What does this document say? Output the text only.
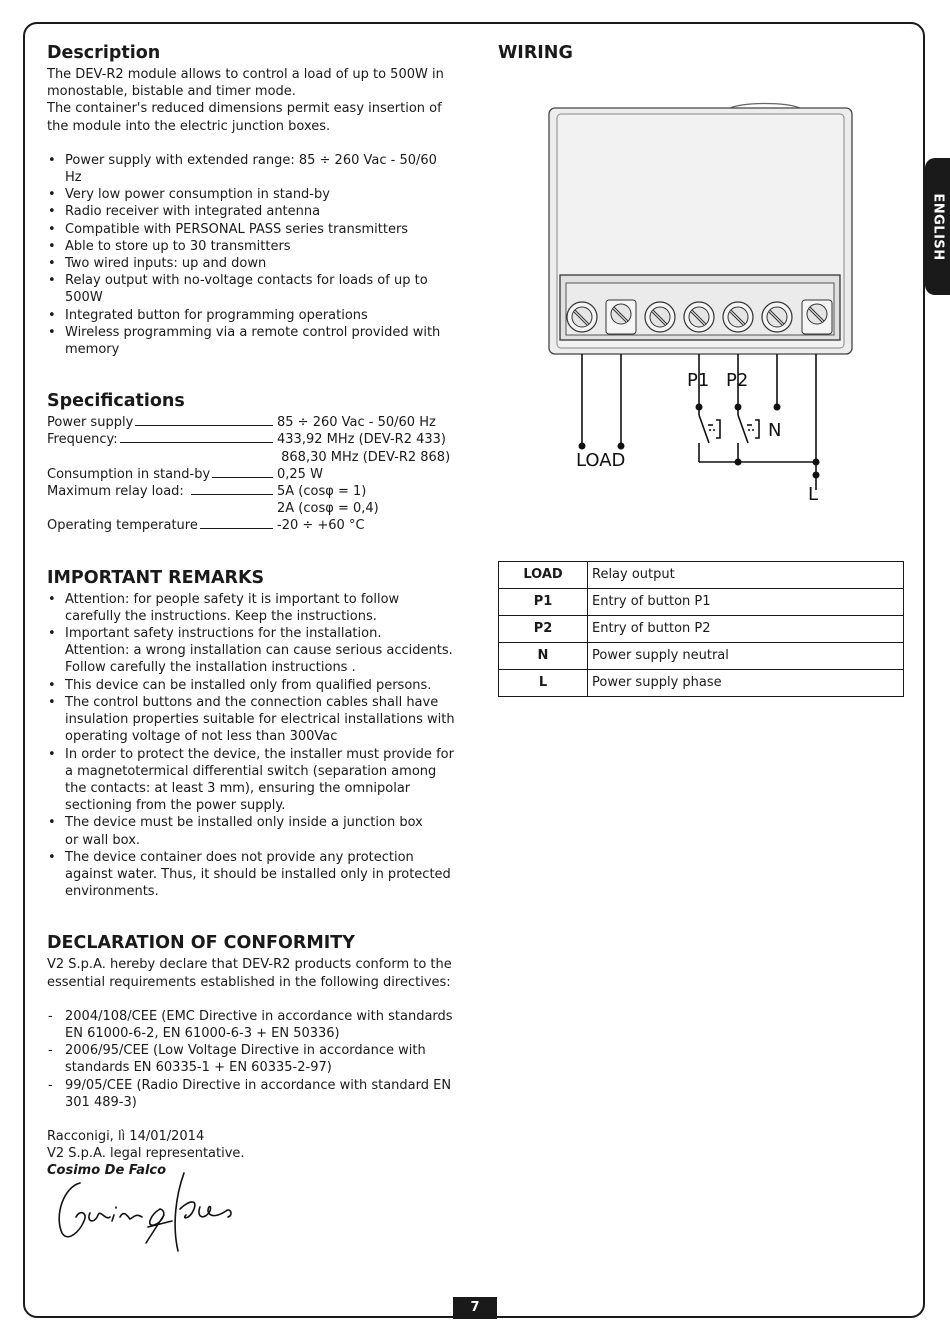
ENGLISH
Description

The DEV-R2 module allows to control a load of up to 500W in monostable, bistable and timer mode.

The container's reduced dimensions permit easy insertion of the module into the electric junction boxes.

• Power supply with extended range: 85 ÷ 260 Vac - 50/60 Hz
• Very low power consumption in stand-by
• Radio receiver with integrated antenna
• Compatible with PERSONAL PASS series transmitters
• Able to store up to 30 transmitters
• Two wired inputs: up and down
• Relay output with no-voltage contacts for loads of up to 500W
• Integrated button for programming operations
• Wireless programming via a remote control provided with memory
Specifications
Power supply	85 ÷ 260 Vac - 50/60 Hz
Frequency:	433,92 MHz (DEV-R2 433)
868,30 MHz (DEV-R2 868)
Consumption in stand-by	0,25 W
Maximum relay load:	5A (cosφ = 1)
2A (cosφ = 0,4)
Operating temperature	-20 ÷ +60 °C
IMPORTANT REMARKS
• Attention: for people safety it is important to follow carefully the instructions. Keep the instructions.
• Important safety instructions for the installation.
Attention: a wrong installation can cause serious accidents. Follow carefully the installation instructions .
• This device can be installed only from qualified persons.
• The control buttons and the connection cables shall have insulation properties suitable for electrical installations with operating voltage of not less than 300Vac
• In order to protect the device, the installer must provide for a magnetotermical differential switch (separation among the contacts: at least 3 mm), ensuring the omnipolar sectioning from the power supply.
• The device must be installed only inside a junction box
or wall box.
• The device container does not provide any protection against water. Thus, it should be installed only in protected environments.
DECLARATION OF CONFORMITY

V2 S.p.A. hereby declare that DEV-R2 products conform to the essential requirements established in the following directives:

- 2004/108/CEE (EMC Directive in accordance with standards EN 61000-6-2, EN 61000-6-3 + EN 50336)
- 2006/95/CEE (Low Voltage Directive in accordance with standards EN 60335-1 + EN 60335-2-97)
- 99/05/CEE (Radio Directive in accordance with standard EN 301 489-3)

Racconigi, lì 14/01/2014

V2 S.p.A. legal representative.

Cosimo De Falco

WIRING
LOAD
P1 P2
N
L
LOAD	Relay output
P1	Entry of button P1
P2	Entry of button P2
N	Power supply neutral
L	Power supply phase
7
